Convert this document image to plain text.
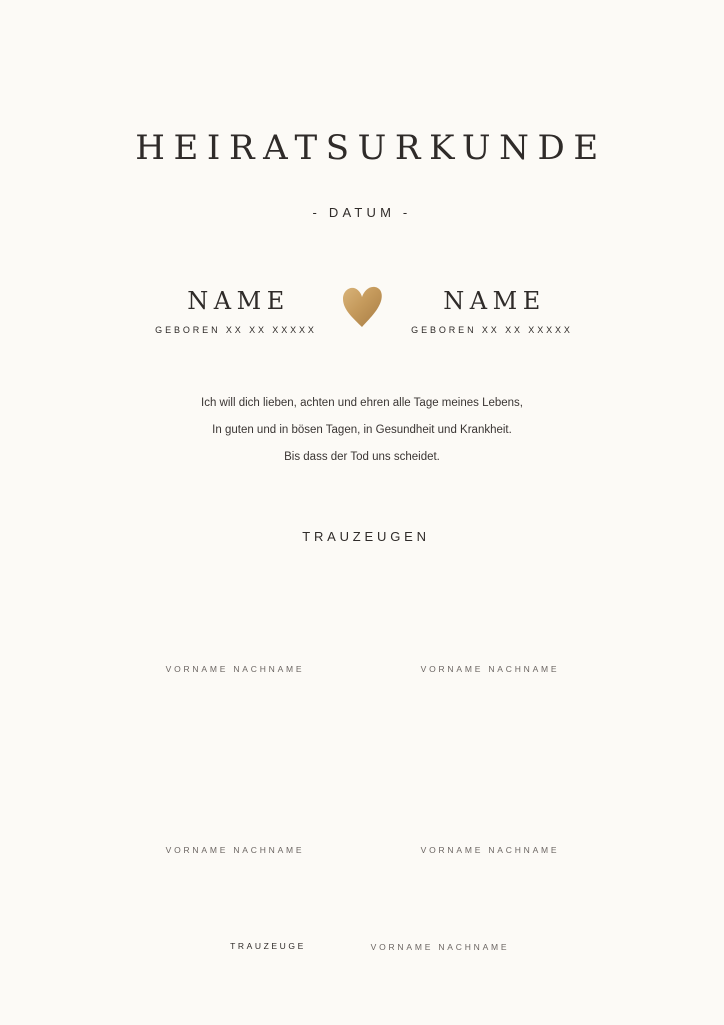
HEIRATSURKUNDE
- DATUM -
NAME
GEBOREN XX XX XXXXX
NAME
GEBOREN XX XX XXXXX
Ich will dich lieben, achten und ehren alle Tage meines Lebens,
In guten und in bösen Tagen, in Gesundheit und Krankheit.
Bis dass der Tod uns scheidet.
TRAUZEUGEN
VORNAME NACHNAME	VORNAME NACHNAME
VORNAME NACHNAME	VORNAME NACHNAME
TRAUZEUGE	VORNAME NACHNAME
